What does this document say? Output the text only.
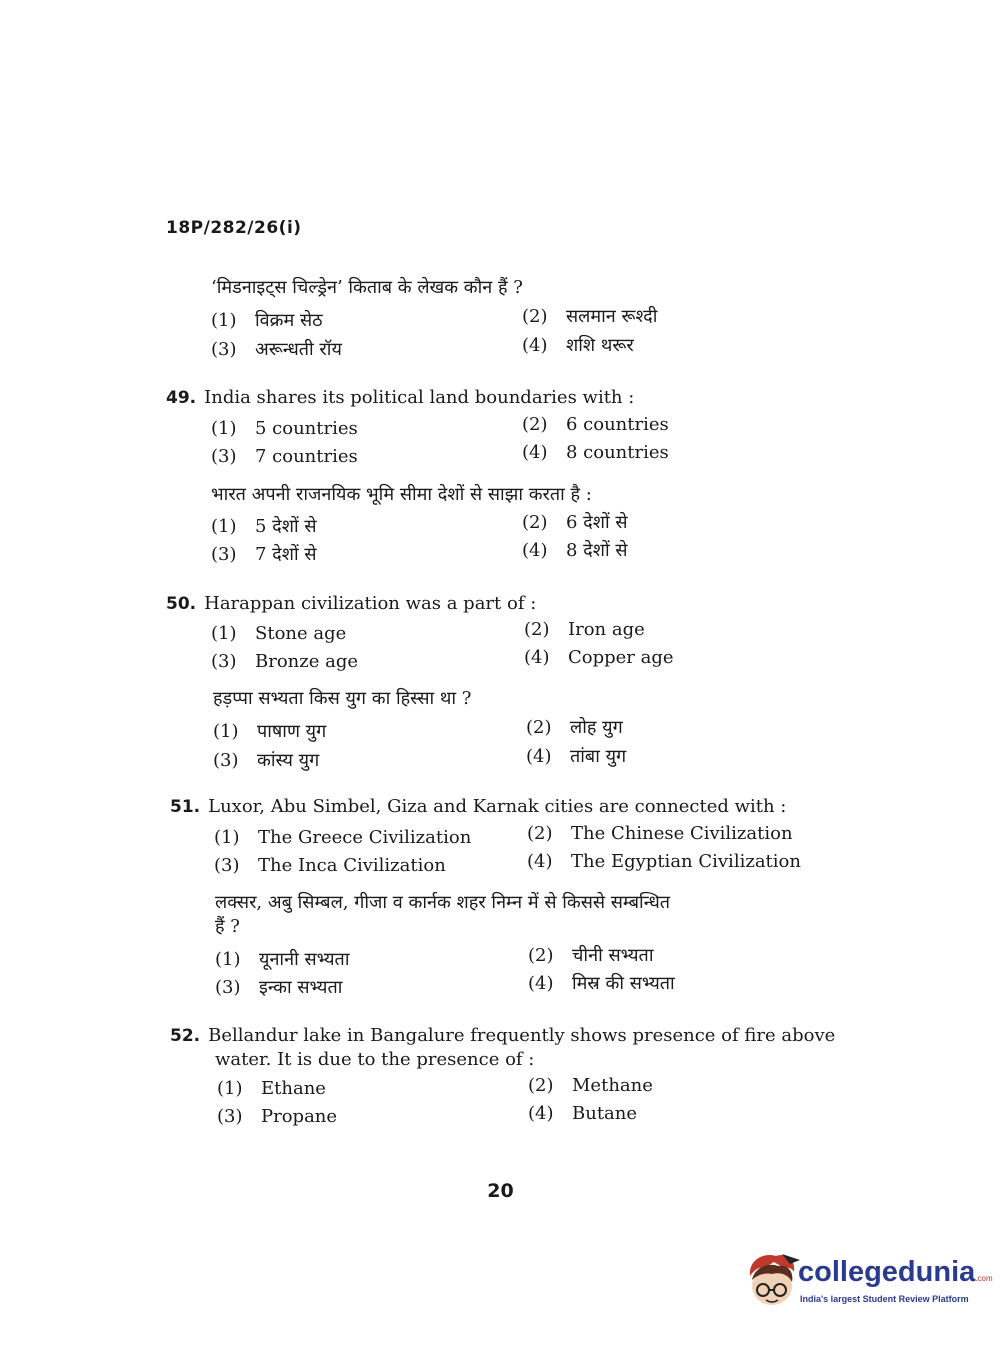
18P/282/26(i)
‘मिडनाइट्स चिल्ड्रेन’ किताब के लेखक कौन हैं ?
(1) विक्रम सेठ	(2) सलमान रूश्दी
(3) अरून्धती रॉय	(4) शशि थरूर
49. India shares its political land boundaries with :
(1) 5 countries	(2) 6 countries
(3) 7 countries	(4) 8 countries
भारत अपनी राजनयिक भूमि सीमा देशों से साझा करता है :
(1) 5 देशों से	(2) 6 देशों से
(3) 7 देशों से	(4) 8 देशों से
50. Harappan civilization was a part of :
(1) Stone age	(2) Iron age
(3) Bronze age	(4) Copper age
हड़प्पा सभ्यता किस युग का हिस्सा था ?
(1) पाषाण युग	(2) लोह युग
(3) कांस्य युग	(4) तांबा युग
51. Luxor, Abu Simbel, Giza and Karnak cities are connected with :
(1) The Greece Civilization	(2) The Chinese Civilization
(3) The Inca Civilization	(4) The Egyptian Civilization
लक्सर, अबु सिम्बल, गीजा व कार्नक शहर निम्न में से किससे सम्बन्धित
हैं ?
(1) यूनानी सभ्यता	(2) चीनी सभ्यता
(3) इन्का सभ्यता	(4) मिस्र की सभ्यता
52. Bellandur lake in Bangalure frequently shows presence of fire above
water. It is due to the presence of :
(1) Ethane	(2) Methane
(3) Propane	(4) Butane
20
collegedunia.com
India's largest Student Review Platform
